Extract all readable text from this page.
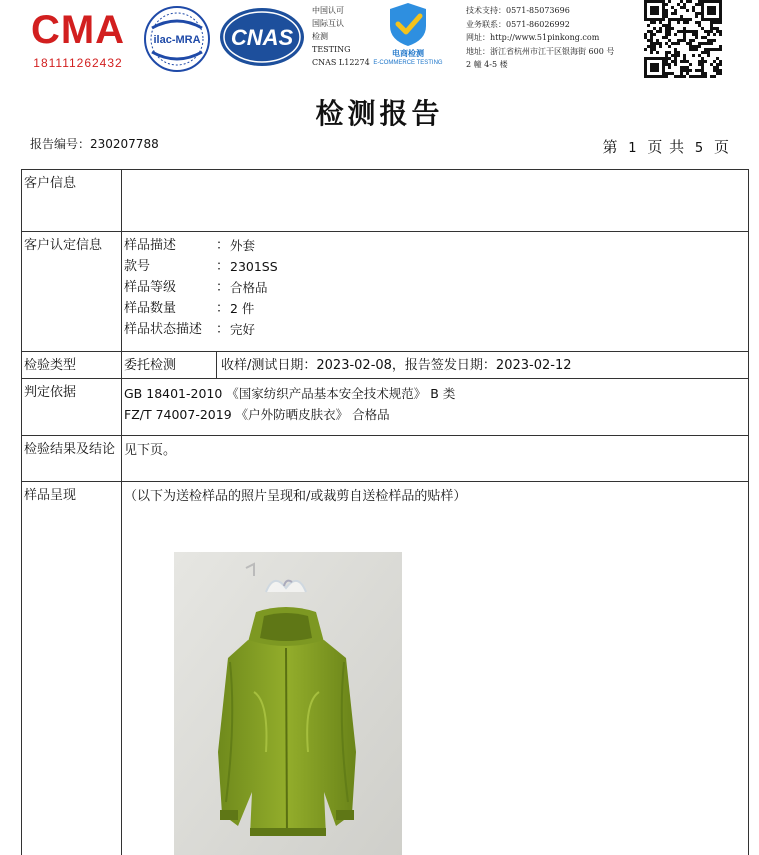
CMA
181111262432
ilac-MRA CNAS
中国认可
国际互认
检测
TESTING
CNAS L12274
电商检测
E-COMMERCE TESTING
技术支持：0571-85073696
业务联系：0571-86026992
网址：http://www.51pinkong.com
地址：浙江省杭州市江干区银海街 600 号
2 幢 4-5 楼
检测报告
报告编号：230207788	第 1 页 共 5 页
客户信息
客户认定信息	样品描述	： 外套
款号	： 2301SS
样品等级	： 合格品
样品数量	： 2 件
样品状态描述	： 完好
检验类型	委托检测	收样/测试日期：2023-02-08，报告签发日期：2023-02-12
判定依据	GB 18401-2010 《国家纺织产品基本安全技术规范》 B 类
FZ/T 74007-2019 《户外防晒皮肤衣》 合格品
检验结果及结论 见下页。
样品呈现	（以下为送检样品的照片呈现和/或裁剪自送检样品的贴样）
